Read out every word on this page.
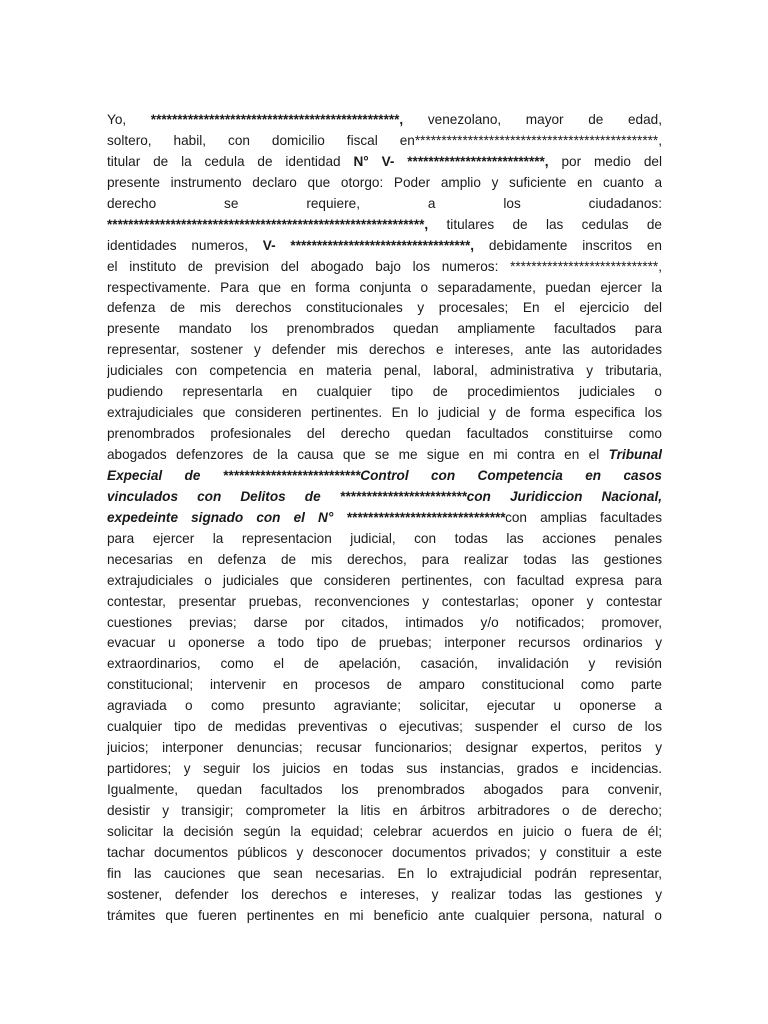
Yo, ***********************************************, venezolano, mayor de edad,
soltero, habil, con domicilio fiscal en**********************************************,
titular de la cedula de identidad N° V- **************************, por medio del
presente instrumento declaro que otorgo: Poder amplio y suficiente en cuanto a
derecho se requiere, a los ciudadanos:
************************************************************, titulares de las cedulas de
identidades numeros, V- **********************************, debidamente inscritos en
el instituto de prevision del abogado bajo los numeros: ****************************,
respectivamente. Para que en forma conjunta o separadamente, puedan ejercer la
defenza de mis derechos constitucionales y procesales; En el ejercicio del
presente mandato los prenombrados quedan ampliamente facultados para
representar, sostener y defender mis derechos e intereses, ante las autoridades
judiciales con competencia en materia penal, laboral, administrativa y tributaria,
pudiendo representarla en cualquier tipo de procedimientos judiciales o
extrajudiciales que consideren pertinentes. En lo judicial y de forma especifica los
prenombrados profesionales del derecho quedan facultados constituirse como
abogados defenzores de la causa que se me sigue en mi contra en el Tribunal
Expecial de **************************Control con Competencia en casos
vinculados con Delitos de ************************con Juridiccion Nacional,
expedeinte signado con el N° ******************************con amplias facultades
para ejercer la representacion judicial, con todas las acciones penales
necesarias en defenza de mis derechos, para realizar todas las gestiones
extrajudiciales o judiciales que consideren pertinentes, con facultad expresa para
contestar, presentar pruebas, reconvenciones y contestarlas; oponer y contestar
cuestiones previas; darse por citados, intimados y/o notificados; promover,
evacuar u oponerse a todo tipo de pruebas; interponer recursos ordinarios y
extraordinarios, como el de apelación, casación, invalidación y revisión
constitucional; intervenir en procesos de amparo constitucional como parte
agraviada o como presunto agraviante; solicitar, ejecutar u oponerse a
cualquier tipo de medidas preventivas o ejecutivas; suspender el curso de los
juicios; interponer denuncias; recusar funcionarios; designar expertos, peritos y
partidores; y seguir los juicios en todas sus instancias, grados e incidencias.
Igualmente, quedan facultados los prenombrados abogados para convenir,
desistir y transigir; comprometer la litis en árbitros arbitradores o de derecho;
solicitar la decisión según la equidad; celebrar acuerdos en juicio o fuera de él;
tachar documentos públicos y desconocer documentos privados; y constituir a este
fin las cauciones que sean necesarias. En lo extrajudicial podrán representar,
sostener, defender los derechos e intereses, y realizar todas las gestiones y
trámites que fueren pertinentes en mi beneficio ante cualquier persona, natural o
